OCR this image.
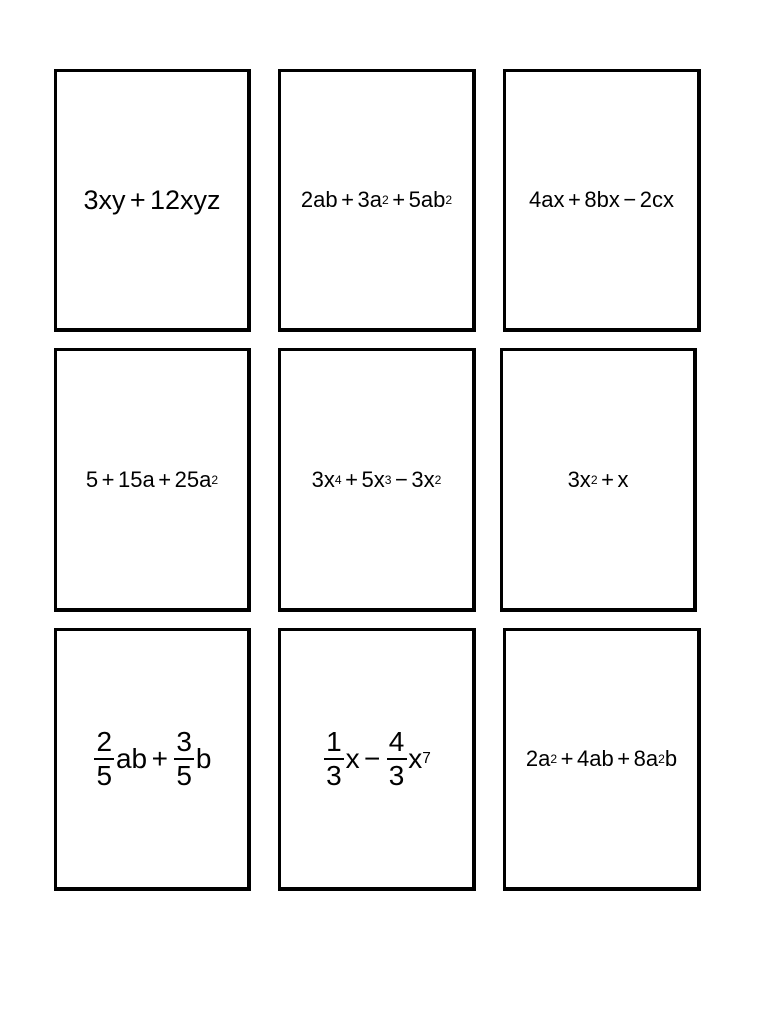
3xy + 12xyz	2ab + 3a 2 + 5ab 2	4ax + 8bx − 2cx
5 + 15a + 25a 2	3x 4 + 5x 3 − 3x 2	3x 2 + x
$\frac{2}{5}$ ab + $\frac{3}{5}$ b	$\frac{1}{3}$ $x - \frac{4}{3}$ x 7	2a 2 + 4ab + 8a 2 b
